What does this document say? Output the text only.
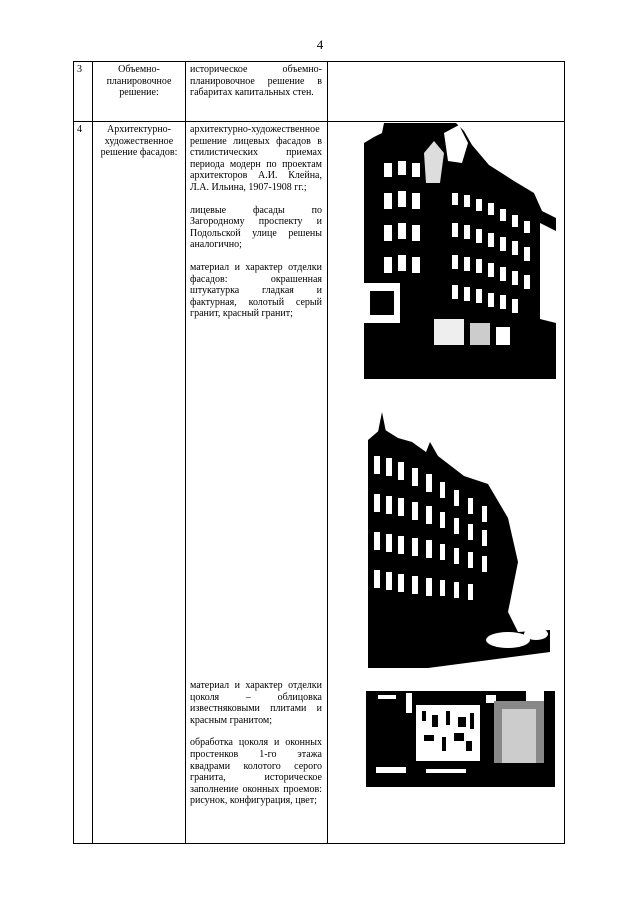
4
3	Объемно-
планировочное
решение:

историческое объемно-планировочное решение в габаритах капитальных стен.

4	Архитектурно-
художественное
решение фасадов:

архитектурно-художественное решение лицевых фасадов в стилистических приемах периода модерн по проектам архитекторов А.И. Клейна, Л.А. Ильина, 1907-1908 гг.;

лицевые фасады по Загородному проспекту и Подольской улице решены аналогично;

материал и характер отделки фасадов: окрашенная штукатурка гладкая и фактурная, колотый серый гранит, красный гранит;

материал и характер отделки цоколя – облицовка известняковыми плитами и красным гранитом;

обработка цоколя и оконных простенков 1-го этажа квадрами колотого серого гранита, историческое заполнение оконных проемов: рисунок, конфигурация, цвет;
